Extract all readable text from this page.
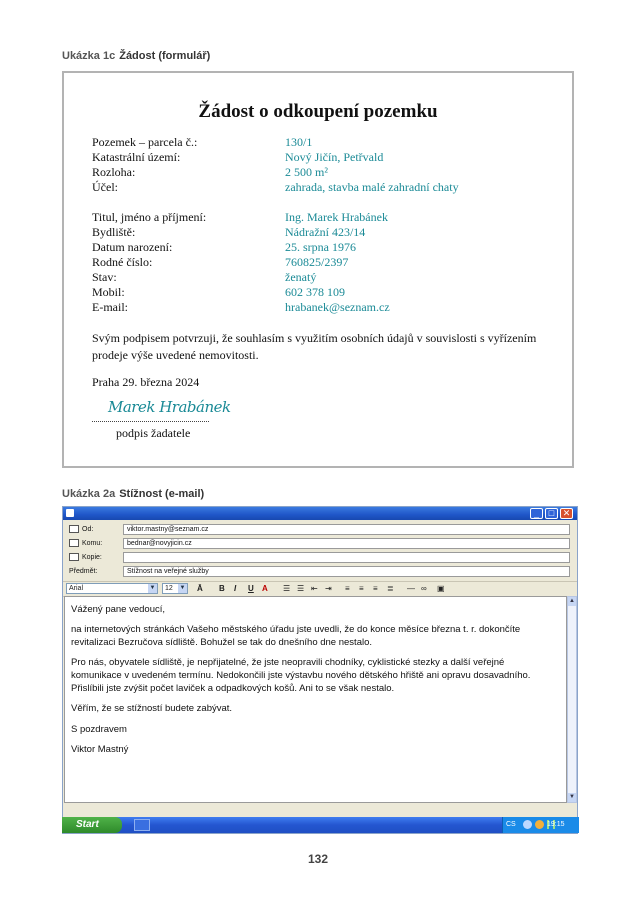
Ukázka 1c Žádost (formulář)
Žádost o odkoupení pozemku
Pozemek – parcela č.:	130/1
Katastrální území:	Nový Jičín, Petřvald
Rozloha:	2 500 m²
Účel:	zahrada, stavba malé zahradní chaty
Titul, jméno a příjmení:	Ing. Marek Hrabánek
Bydliště:	Nádražní 423/14
Datum narození:	25. srpna 1976
Rodné číslo:	760825/2397
Stav:	ženatý
Mobil:	602 378 109
E-mail:	hrabanek@seznam.cz
Svým podpisem potvrzuji, že souhlasím s využitím osobních údajů v souvislosti s vyřízením prodeje výše uvedené nemovitosti.
Praha 29. března 2024
Marek Hrabánek
podpis žadatele
Ukázka 2a Stížnost (e-mail)
_	□ ✕
Od:	viktor.mastny@seznam.cz
Komu:	bednar@novyjicin.cz
Kopie:
Předmět:	Stížnost na veřejné služby
Arial	▼	12 ▼ Ā B I U A ☰ ☰ ⇤ ⇥ ≡ ≡ ≡ ≣ — ∞ ▣
Vážený pane vedoucí,
na internetových stránkách Vašeho městského úřadu jste uvedli, že do konce měsíce března t. r. dokončíte revitalizaci Bezručova sídliště. Bohužel se tak do dnešního dne nestalo.
Pro nás, obyvatele sídliště, je nepřijatelné, že jste neopravili chodníky, cyklistické stezky a další veřejné komunikace v uvedeném termínu. Nedokončili jste výstavbu nového dětského hřiště ani opravu dosavadního. Přislíbili jste zvýšit počet laviček a odpadkových košů. Ani to se však nestalo.
Věřím, že se stížností budete zabývat.
S pozdravem
Viktor Mastný
▲
▼
Start	CS	19:15
132
